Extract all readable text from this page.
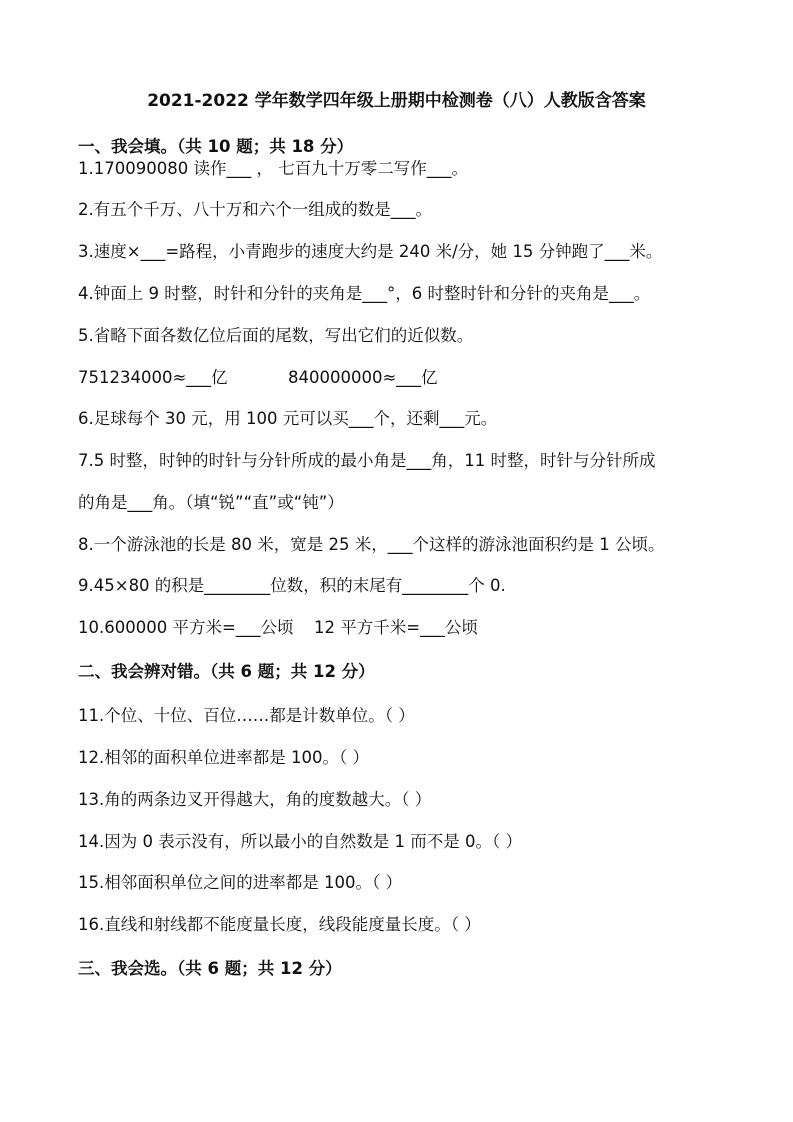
2021-2022 学年数学四年级上册期中检测卷（八）人教版含答案
一、我会填。（共 10 题；共 18 分）
1.170090080 读作___ ， 七百九十万零二写作___。
2.有五个千万、八十万和六个一组成的数是___。
3.速度×___=路程，小青跑步的速度大约是 240 米/分，她 15 分钟跑了___米。
4.钟面上 9 时整，时针和分针的夹角是___°，6 时整时针和分针的夹角是___。
5.省略下面各数亿位后面的尾数，写出它们的近似数。
751234000≈___亿	840000000≈___亿
6.足球每个 30 元，用 100 元可以买___个，还剩___元。
7.5 时整，时钟的时针与分针所成的最小角是___角，11 时整，时针与分针所成
的角是___角。（填“锐”“直”或“钝”）
8.一个游泳池的长是 80 米，宽是 25 米，___个这样的游泳池面积约是 1 公顷。
9.45×80 的积是________位数，积的末尾有________个 0.
10.600000 平方米=___公顷 12 平方千米=___公顷
二、我会辨对错。（共 6 题；共 12 分）
11.个位、十位、百位……都是计数单位。（ ）
12.相邻的面积单位进率都是 100。（ ）
13.角的两条边叉开得越大，角的度数越大。（ ）
14.因为 0 表示没有，所以最小的自然数是 1 而不是 0。（ ）
15.相邻面积单位之间的进率都是 100。（ ）
16.直线和射线都不能度量长度，线段能度量长度。（ ）
三、我会选。（共 6 题；共 12 分）
